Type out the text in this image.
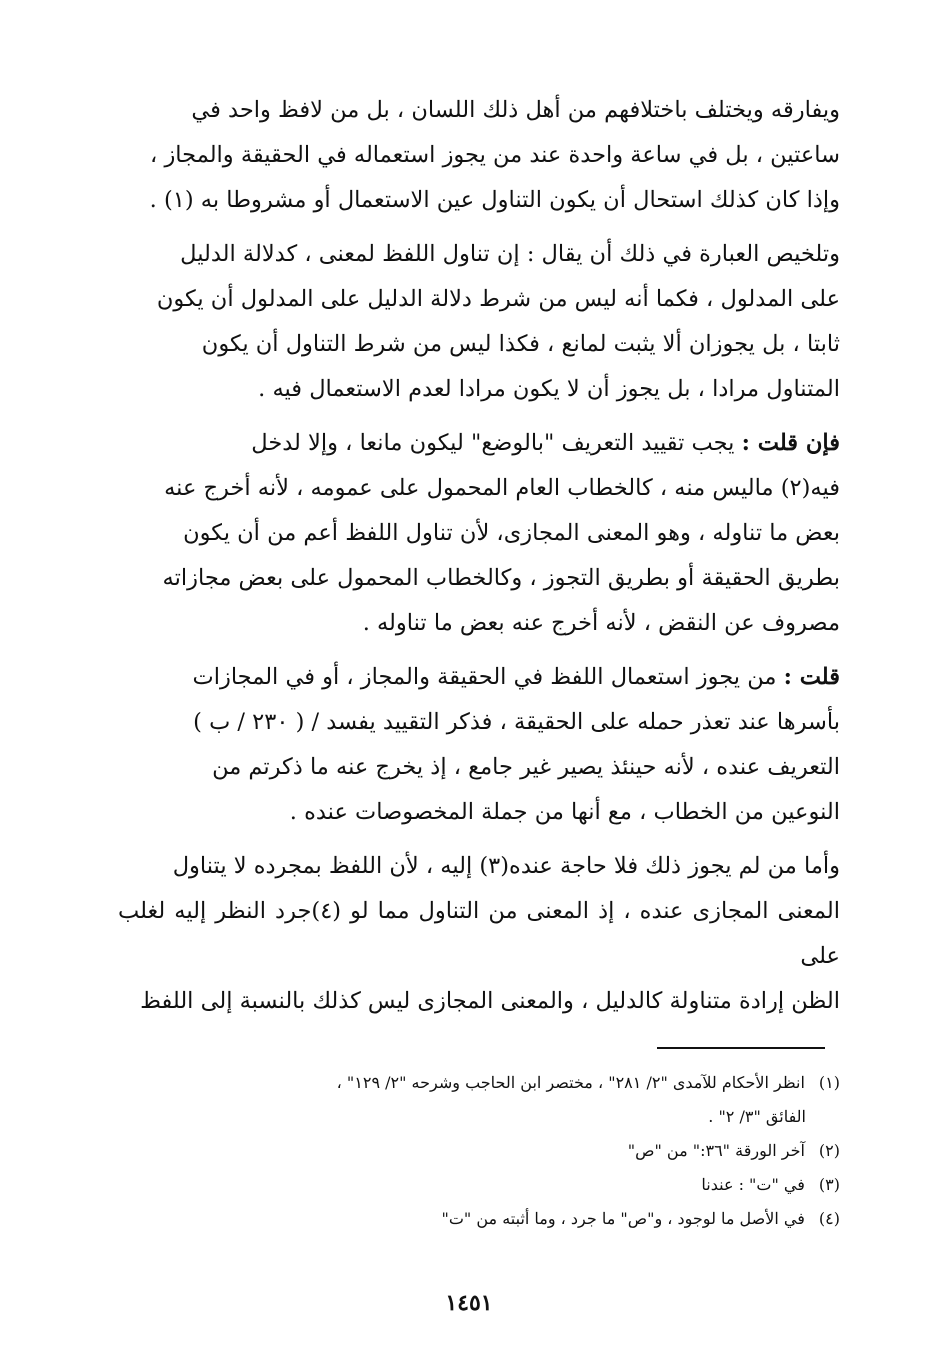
ويفارقه ويختلف باختلافهم من أهل ذلك اللسان ، بل من لافظ واحد في
ساعتين ، بل في ساعة واحدة عند من يجوز استعماله في الحقيقة والمجاز ،
وإذا كان كذلك استحال أن يكون التناول عين الاستعمال أو مشروطا به (١) .

وتلخيص العبارة في ذلك أن يقال : إن تناول اللفظ لمعنى ، كدلالة الدليل
على المدلول ، فكما أنه ليس من شرط دلالة الدليل على المدلول أن يكون
ثابتا ، بل يجوزان ألا يثبت لمانع ، فكذا ليس من شرط التناول أن يكون
المتناول مرادا ، بل يجوز أن لا يكون مرادا لعدم الاستعمال فيه .

فإن قلت : يجب تقييد التعريف "بالوضع" ليكون مانعا ، وإلا لدخل
فيه(٢) ماليس منه ، كالخطاب العام المحمول على عمومه ، لأنه أخرج عنه
بعض ما تناوله ، وهو المعنى المجازى، لأن تناول اللفظ أعم من أن يكون
بطريق الحقيقة أو بطريق التجوز ، وكالخطاب المحمول على بعض مجازاته
مصروف عن النقض ، لأنه أخرج عنه بعض ما تناوله .

قلت : من يجوز استعمال اللفظ في الحقيقة والمجاز ، أو في المجازات
بأسرها عند تعذر حمله على الحقيقة ، فذكر التقييد يفسد / ( ٢٣٠ / ب )
التعريف عنده ، لأنه حينئذ يصير غير جامع ، إذ يخرج عنه ما ذكرتم من
النوعين من الخطاب ، مع أنها من جملة المخصوصات عنده .

وأما من لم يجوز ذلك فلا حاجة عنده(٣) إليه ، لأن اللفظ بمجرده لا يتناول
المعنى المجازى عنده ، إذ المعنى من التناول مما لو (٤)جرد النظر إليه لغلب على
الظن إرادة متناولة كالدليل ، والمعنى المجازى ليس كذلك بالنسبة إلى اللفظ

(١) انظر الأحكام للآمدى "٢/ ٢٨١" ، مختصر ابن الحاجب وشرحه "٢/ ١٢٩" ،

الفائق "٣/ ٢" .

(٢) آخر الورقة "٣٦:" من "ص"

(٣) في "ت" : عندنا

(٤) في الأصل ما لوجود ، و"ص" ما جرد ، وما أثبته من "ت"

١٤٥١
